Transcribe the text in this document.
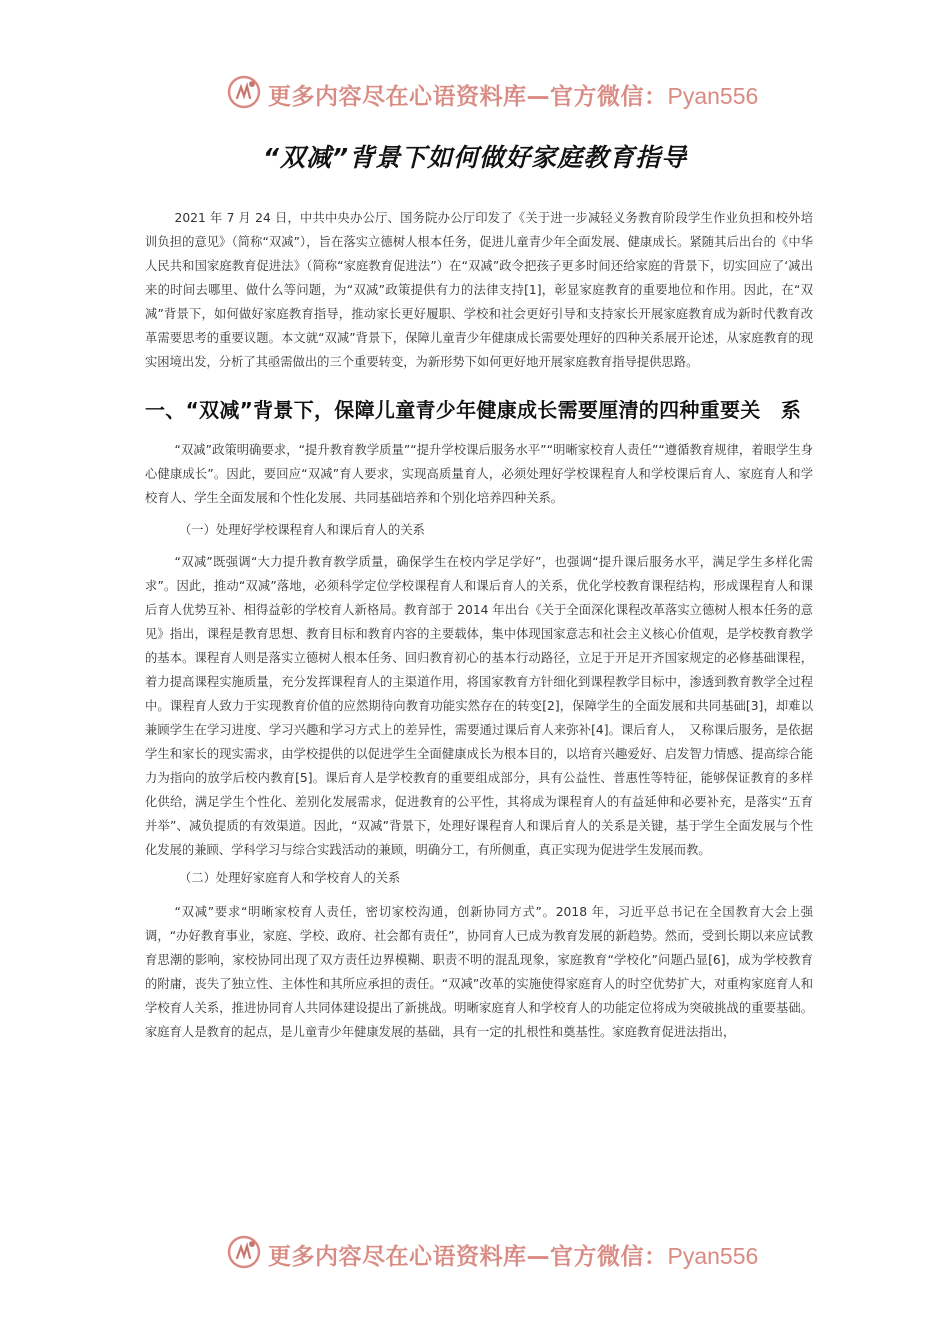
更多内容尽在心语资料库—官方微信：Pyan556
“双减”背景下如何做好家庭教育指导

2021 年 7 月 24 日，中共中央办公厅、国务院办公厅印发了《关于进一步减轻义务教育阶段学生作业负担和校外培训负担的意见》（简称“双减”），旨在落实立德树人根本任务，促进儿童青少年全面发展、健康成长。紧随其后出台的《中华人民共和国家庭教育促进法》（简称“家庭教育促进法”）在“双减”政令把孩子更多时间还给家庭的背景下，切实回应了‘减出来的时间去哪里、做什么等问题，为“双减”政策提供有力的法律支持[1]，彰显家庭教育的重要地位和作用。因此，在“双减”背景下，如何做好家庭教育指导，推动家长更好履职、学校和社会更好引导和支持家长开展家庭教育成为新时代教育改革需要思考的重要议题。本文就“双减”背景下，保障儿童青少年健康成长需要处理好的四种关系展开论述，从家庭教育的现实困境出发，分析了其亟需做出的三个重要转变，为新形势下如何更好地开展家庭教育指导提供思路。

一、“双减”背景下，保障儿童青少年健康成长需要厘清的四种重要关　系

“双减”政策明确要求，“提升教育教学质量”“提升学校课后服务水平”“明晰家校育人责任”“遵循教育规律，着眼学生身心健康成长”。因此，要回应“双减”育人要求，实现高质量育人，必须处理好学校课程育人和学校课后育人、家庭育人和学校育人、学生全面发展和个性化发展、共同基础培养和个别化培养四种关系。

（一）处理好学校课程育人和课后育人的关系

“双减”既强调“大力提升教育教学质量，确保学生在校内学足学好”，也强调“提升课后服务水平，满足学生多样化需求”。因此，推动“双减”落地，必须科学定位学校课程育人和课后育人的关系，优化学校教育课程结构，形成课程育人和课后育人优势互补、相得益彰的学校育人新格局。教育部于 2014 年出台《关于全面深化课程改革落实立德树人根本任务的意见》指出，课程是教育思想、教育目标和教育内容的主要载体，集中体现国家意志和社会主义核心价值观，是学校教育教学的基本。课程育人则是落实立德树人根本任务、回归教育初心的基本行动路径，立足于开足开齐国家规定的必修基础课程，着力提高课程实施质量，充分发挥课程育人的主渠道作用，将国家教育方针细化到课程教学目标中，渗透到教育教学全过程中。课程育人致力于实现教育价值的应然期待向教育功能实然存在的转变[2]，保障学生的全面发展和共同基础[3]，却难以兼顾学生在学习进度、学习兴趣和学习方式上的差异性，需要通过课后育人来弥补[4]。课后育人，　又称课后服务，是依据学生和家长的现实需求，由学校提供的以促进学生全面健康成长为根本目的，以培育兴趣爱好、启发智力情感、提高综合能力为指向的放学后校内教育[5]。课后育人是学校教育的重要组成部分，具有公益性、普惠性等特征，能够保证教育的多样化供给，满足学生个性化、差别化发展需求，促进教育的公平性，其将成为课程育人的有益延伸和必要补充，是落实“五育并举”、减负提质的有效渠道。因此，“双减”背景下，处理好课程育人和课后育人的关系是关键，基于学生全面发展与个性化发展的兼顾、学科学习与综合实践活动的兼顾，明确分工，有所侧重，真正实现为促进学生发展而教。

（二）处理好家庭育人和学校育人的关系

“双减”要求“明晰家校育人责任，密切家校沟通，创新协同方式”。2018 年，习近平总书记在全国教育大会上强调，“办好教育事业，家庭、学校、政府、社会都有责任”，协同育人已成为教育发展的新趋势。然而，受到长期以来应试教育思潮的影响，家校协同出现了双方责任边界模糊、职责不明的混乱现象，家庭教育“学校化”问题凸显[6]，成为学校教育的附庸，丧失了独立性、主体性和其所应承担的责任。“双减”改革的实施使得家庭育人的时空优势扩大，对重构家庭育人和学校育人关系，推进协同育人共同体建设提出了新挑战。明晰家庭育人和学校育人的功能定位将成为突破挑战的重要基础。家庭育人是教育的起点，是儿童青少年健康发展的基础，具有一定的扎根性和奠基性。家庭教育促进法指出，

更多内容尽在心语资料库—官方微信：Pyan556
